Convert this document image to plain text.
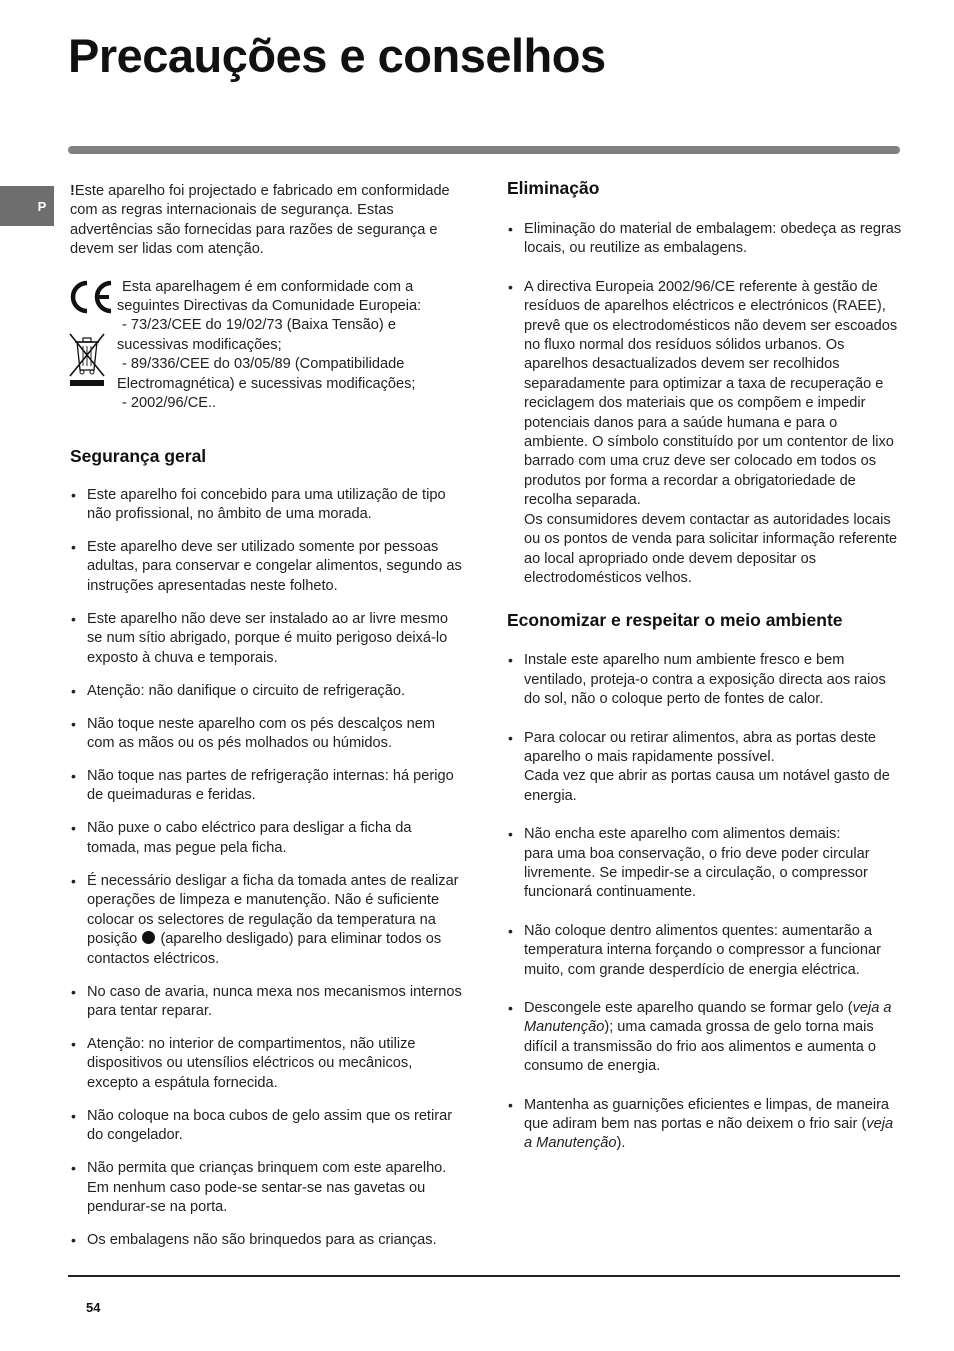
Precauções e conselhos
P

!Este aparelho foi projectado e fabricado em conformidade com as regras internacionais de segurança. Estas advertências são fornecidas para razões de segurança e devem ser lidas com atenção.

Esta aparelhagem é em conformidade com a seguintes Directivas da Comunidade Europeia:

- 73/23/CEE do 19/02/73 (Baixa Tensão) e sucessivas modificações;

- 89/336/CEE do 03/05/89 (Compatibilidade Electromagnética) e sucessivas modificações;

- 2002/96/CE..

Segurança geral
• Este aparelho foi concebido para uma utilização de tipo não profissional, no âmbito de uma morada.
• Este aparelho deve ser utilizado somente por pessoas adultas, para conservar e congelar alimentos, segundo as instruções apresentadas neste folheto.
• Este aparelho não deve ser instalado ao ar livre mesmo se num sítio abrigado, porque é muito perigoso deixá-lo exposto à chuva e temporais.
• Atenção: não danifique o circuito de refrigeração.
• Não toque neste aparelho com os pés descalços nem com as mãos ou os pés molhados ou húmidos.
• Não toque nas partes de refrigeração internas: há perigo de queimaduras e feridas.
• Não puxe o cabo eléctrico para desligar a ficha da tomada, mas pegue pela ficha.
• É necessário desligar a ficha da tomada antes de realizar operações de limpeza e manutenção. Não é suficiente colocar os selectores de regulação da temperatura na posição (aparelho desligado) para eliminar todos os contactos eléctricos.
• No caso de avaria, nunca mexa nos mecanismos internos para tentar reparar.
• Atenção: no interior de compartimentos, não utilize dispositivos ou utensílios eléctricos ou mecânicos, excepto a espátula fornecida.
• Não coloque na boca cubos de gelo assim que os retirar do congelador.
• Não permita que crianças brinquem com este aparelho. Em nenhum caso pode-se sentar-se nas gavetas ou pendurar-se na porta.
• Os embalagens não são brinquedos para as crianças.
Eliminação
• Eliminação do material de embalagem: obedeça as regras locais, ou reutilize as embalagens.

• A directiva Europeia 2002/96/CE referente à gestão de resíduos de aparelhos eléctricos e electrónicos (RAEE), prevê que os electrodomésticos não devem ser escoados no fluxo normal dos resíduos sólidos urbanos. Os aparelhos desactualizados devem ser recolhidos separadamente para optimizar a taxa de recuperação e reciclagem dos materiais que os compõem e impedir potenciais danos para a saúde humana e para o ambiente. O símbolo constituído por um contentor de lixo barrado com uma cruz deve ser colocado em todos os produtos por forma a recordar a obrigatoriedade de recolha separada.

Os consumidores devem contactar as autoridades locais ou os pontos de venda para solicitar informação referente ao local apropriado onde devem depositar os electrodomésticos velhos.

Economizar e respeitar o meio ambiente
• Instale este aparelho num ambiente fresco e bem ventilado, proteja-o contra a exposição directa aos raios do sol, não o coloque perto de fontes de calor.

• Para colocar ou retirar alimentos, abra as portas deste aparelho o mais rapidamente possível.

Cada vez que abrir as portas causa um notável gasto de energia.

• Não encha este aparelho com alimentos demais:

para uma boa conservação, o frio deve poder circular livremente. Se impedir-se a circulação, o compressor funcionará continuamente.

• Não coloque dentro alimentos quentes: aumentarão a temperatura interna forçando o compressor a funcionar muito, com grande desperdício de energia eléctrica.
• Descongele este aparelho quando se formar gelo (veja a Manutenção); uma camada grossa de gelo torna mais difícil a transmissão do frio aos alimentos e aumenta o consumo de energia.
• Mantenha as guarnições eficientes e limpas, de maneira que adiram bem nas portas e não deixem o frio sair (veja a Manutenção).
54
